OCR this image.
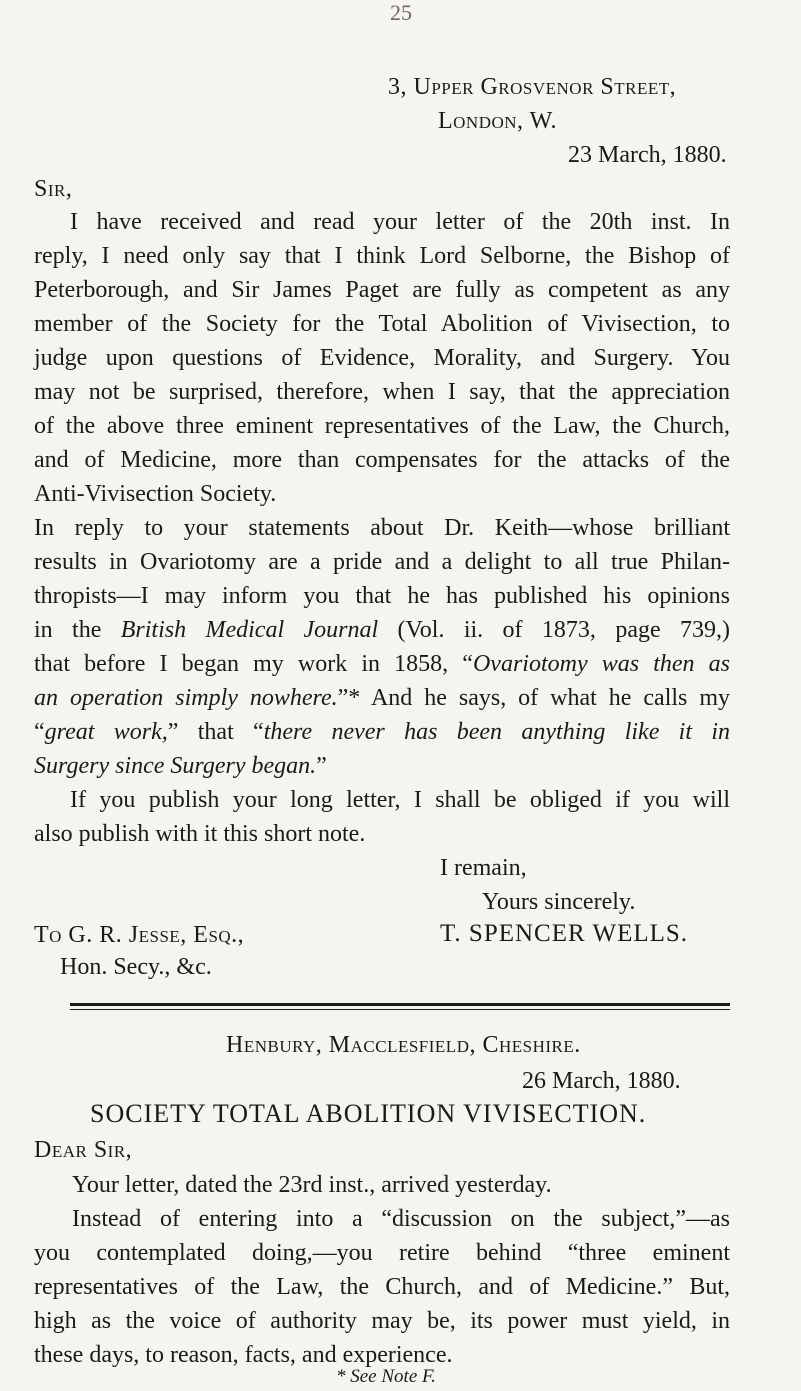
25
3, Upper Grosvenor Street,
London, W.
23 March, 1880.
Sir,
I have received and read your letter of the 20th inst. In
reply, I need only say that I think Lord Selborne, the Bishop of
Peterborough, and Sir James Paget are fully as competent as any
member of the Society for the Total Abolition of Vivisection, to
judge upon questions of Evidence, Morality, and Surgery. You
may not be surprised, therefore, when I say, that the appreciation
of the above three eminent representatives of the Law, the Church,
and of Medicine, more than compensates for the attacks of the
Anti-Vivisection Society.
In reply to your statements about Dr. Keith—whose brilliant
results in Ovariotomy are a pride and a delight to all true Philan-
thropists—I may inform you that he has published his opinions
in the British Medical Journal (Vol. ii. of 1873, page 739,)
that before I began my work in 1858, “Ovariotomy was then as
an operation simply nowhere.”* And he says, of what he calls my
“great work,” that “there never has been anything like it in
Surgery since Surgery began.”
If you publish your long letter, I shall be obliged if you will
also publish with it this short note.
I remain,
Yours sincerely.
To G. R. Jesse, Esq.,	T. SPENCER WELLS.
Hon. Secy., &c.
Henbury, Macclesfield, Cheshire.
26 March, 1880.
SOCIETY TOTAL ABOLITION VIVISECTION.
Dear Sir,
Your letter, dated the 23rd inst., arrived yesterday.
Instead of entering into a “discussion on the subject,”—as
you contemplated doing,—you retire behind “three eminent
representatives of the Law, the Church, and of Medicine.” But,
high as the voice of authority may be, its power must yield, in
these days, to reason, facts, and experience.
* See Note F.
